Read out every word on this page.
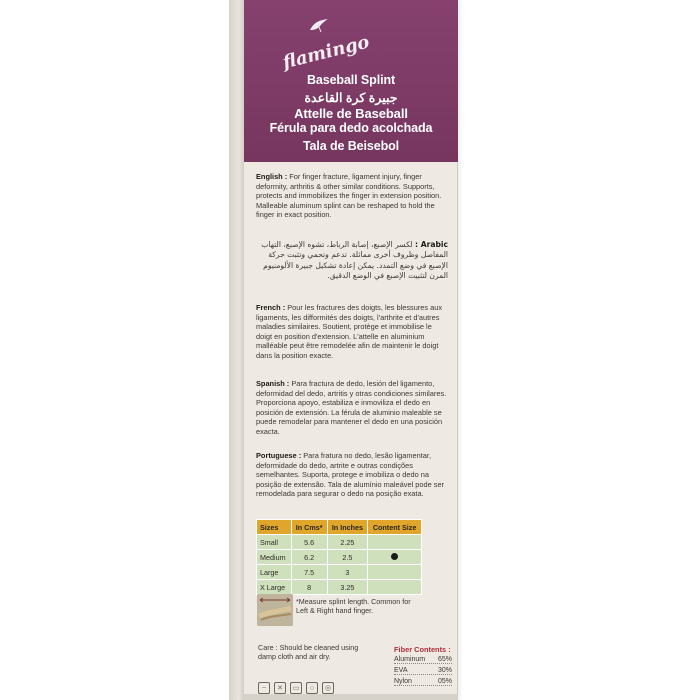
flamingo
Baseball Splint
جبيرة كرة القاعدة
Attelle de Baseball
Férula para dedo acolchada
Tala de Beisebol
English : For finger fracture, ligament injury, finger deformity, arthritis & other similar conditions. Supports, protects and immobilizes the finger in extension position. Malleable aluminum splint can be reshaped to hold the finger in exact position.
Arabic : لكسر الإصبع، إصابة الرباط، تشوه الإصبع، التهاب المفاصل وظروف أخرى مماثلة. تدعم وتحمي وتثبت حركة الإصبع في وضع التمدد. يمكن إعادة تشكيل جبيرة الألومنيوم المرن لتثبيت الإصبع في الوضع الدقيق.
French : Pour les fractures des doigts, les blessures aux ligaments, les difformités des doigts, l'arthrite et d'autres maladies similaires. Soutient, protège et immobilise le doigt en position d'extension. L'attelle en aluminium malléable peut être remodelée afin de maintenir le doigt dans la position exacte.
Spanish : Para fractura de dedo, lesión del ligamento, deformidad del dedo, artritis y otras condiciones similares. Proporciona apoyo, estabiliza e inmoviliza el dedo en posición de extensión. La férula de aluminio maleable se puede remodelar para mantener el dedo en una posición exacta.
Portuguese : Para fratura no dedo, lesão ligamentar, deformidade do dedo, artrite e outras condições semelhantes. Suporta, protege e imobiliza o dedo na posição de extensão. Tala de alumínio maleável pode ser remodelada para segurar o dedo na posição exata.
Sizes	In Cms*	In Inches	Content Size
Small	5.6	2.25	
Medium	6.2	2.5	
Large	7.5	3	
X Large	8	3.25	
*Measure splint length. Common for Left & Right hand finger.
Care : Should be cleaned using damp cloth and air dry.
Fiber Contents :
Aluminum 65%
EVA	30%
Nylon	05%
~	✕	▭	○	◎
